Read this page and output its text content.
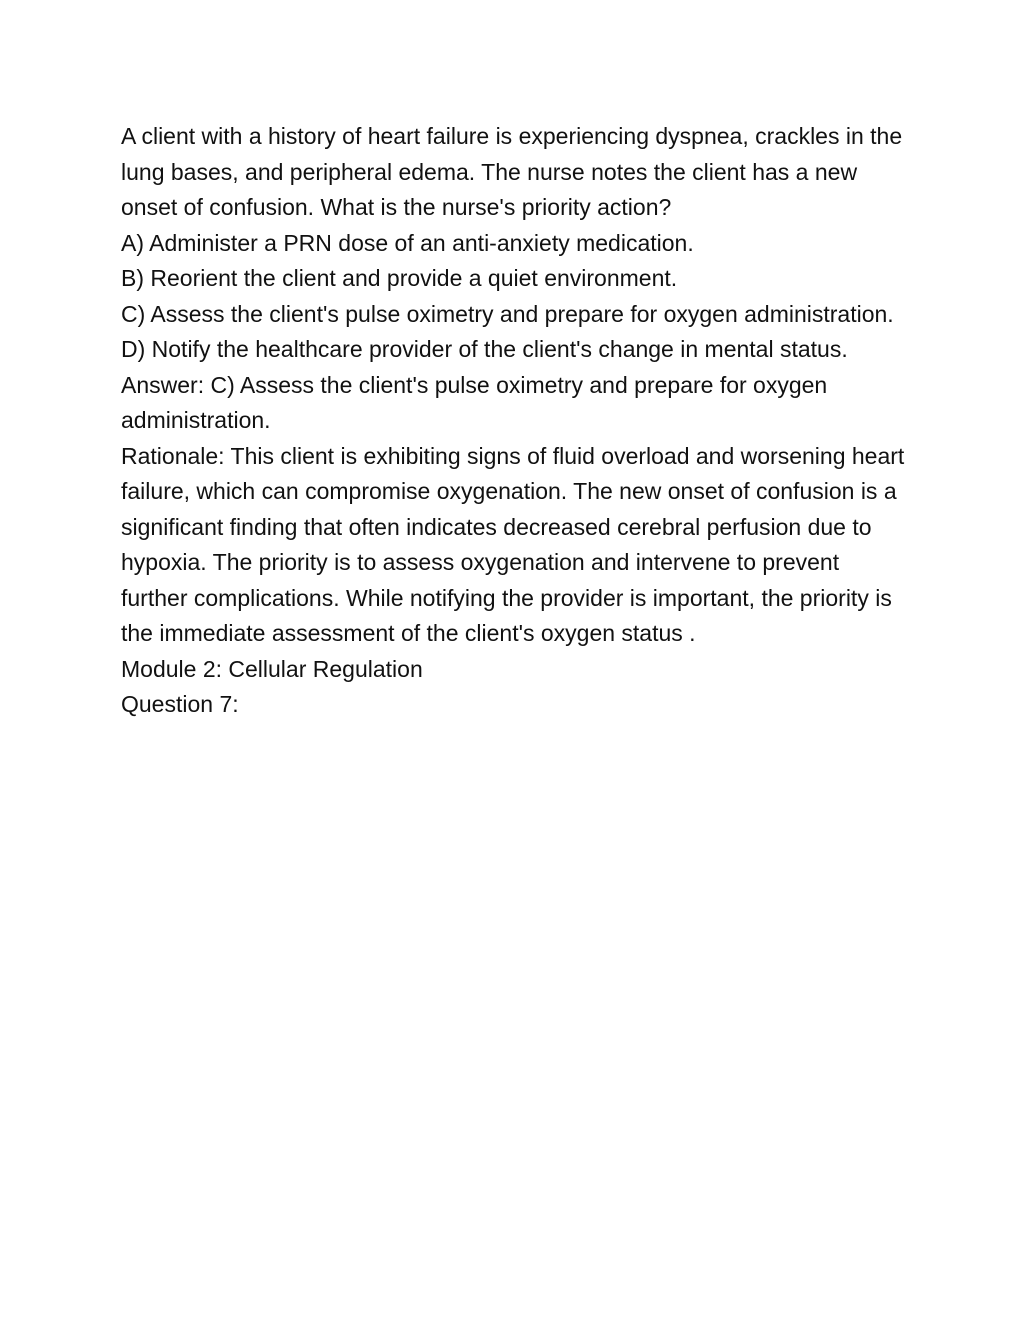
A client with a history of heart failure is experiencing dyspnea, crackles in the lung bases, and peripheral edema. The nurse notes the client has a new onset of confusion. What is the nurse's priority action?

A) Administer a PRN dose of an anti-anxiety medication.

B) Reorient the client and provide a quiet environment.

C) Assess the client's pulse oximetry and prepare for oxygen administration.

D) Notify the healthcare provider of the client's change in mental status.

Answer: C) Assess the client's pulse oximetry and prepare for oxygen administration.

Rationale: This client is exhibiting signs of fluid overload and worsening heart failure, which can compromise oxygenation. The new onset of confusion is a significant finding that often indicates decreased cerebral perfusion due to hypoxia. The priority is to assess oxygenation and intervene to prevent further complications. While notifying the provider is important, the priority is the immediate assessment of the client's oxygen status .

Module 2: Cellular Regulation

Question 7:
